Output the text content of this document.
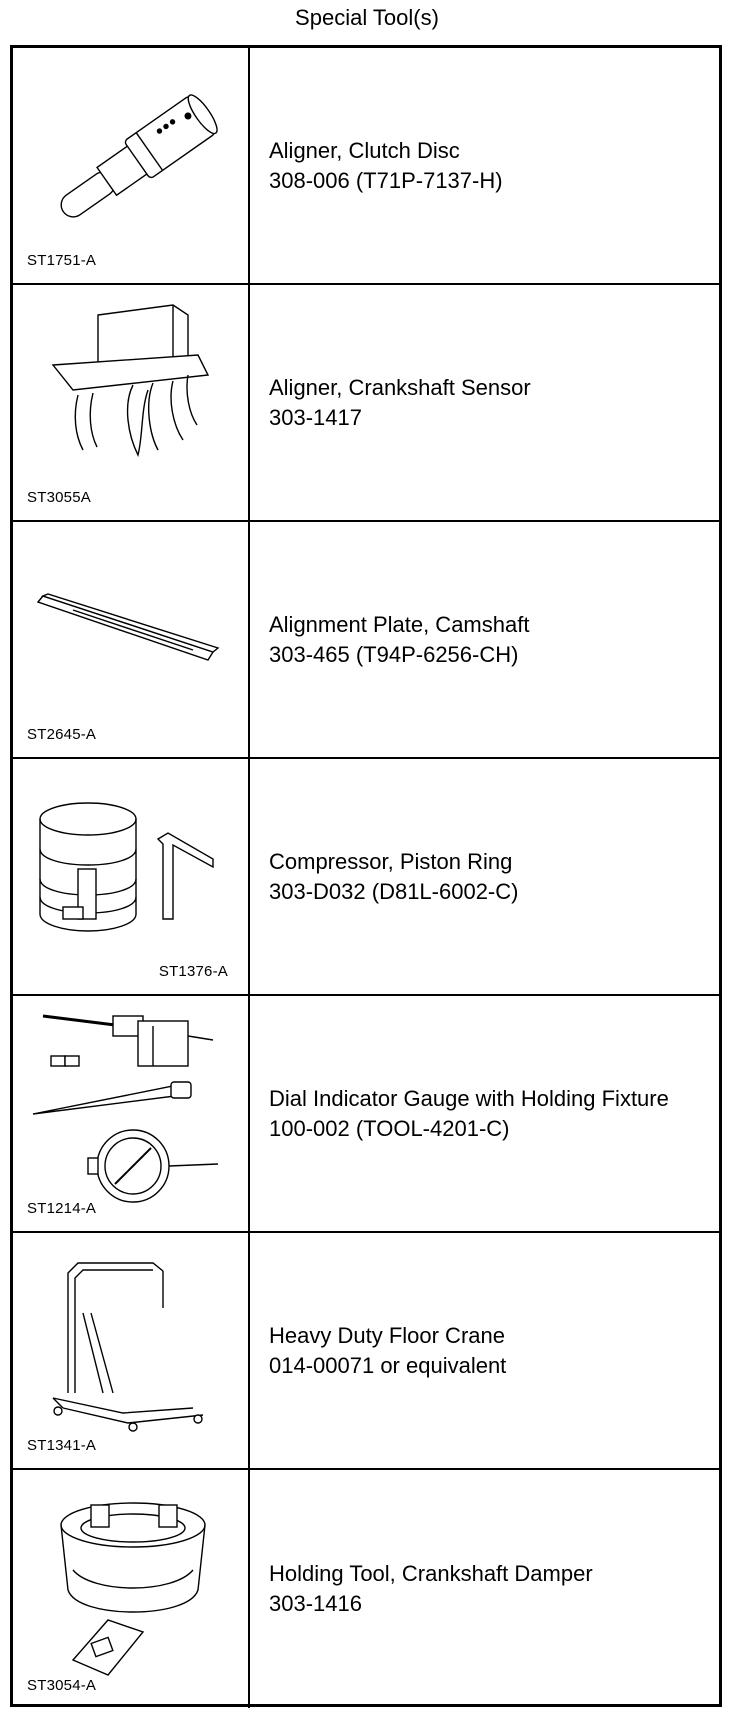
Special Tool(s)
ST1751-A
Aligner, Clutch Disc
308-006 (T71P-7137-H)
ST3055A
Aligner, Crankshaft Sensor
303-1417
ST2645-A
Alignment Plate, Camshaft
303-465 (T94P-6256-CH)
ST1376-A
Compressor, Piston Ring
303-D032 (D81L-6002-C)
ST1214-A
Dial Indicator Gauge with Holding Fixture
100-002 (TOOL-4201-C)
ST1341-A
Heavy Duty Floor Crane
014-00071 or equivalent
ST3054-A
Holding Tool, Crankshaft Damper
303-1416
